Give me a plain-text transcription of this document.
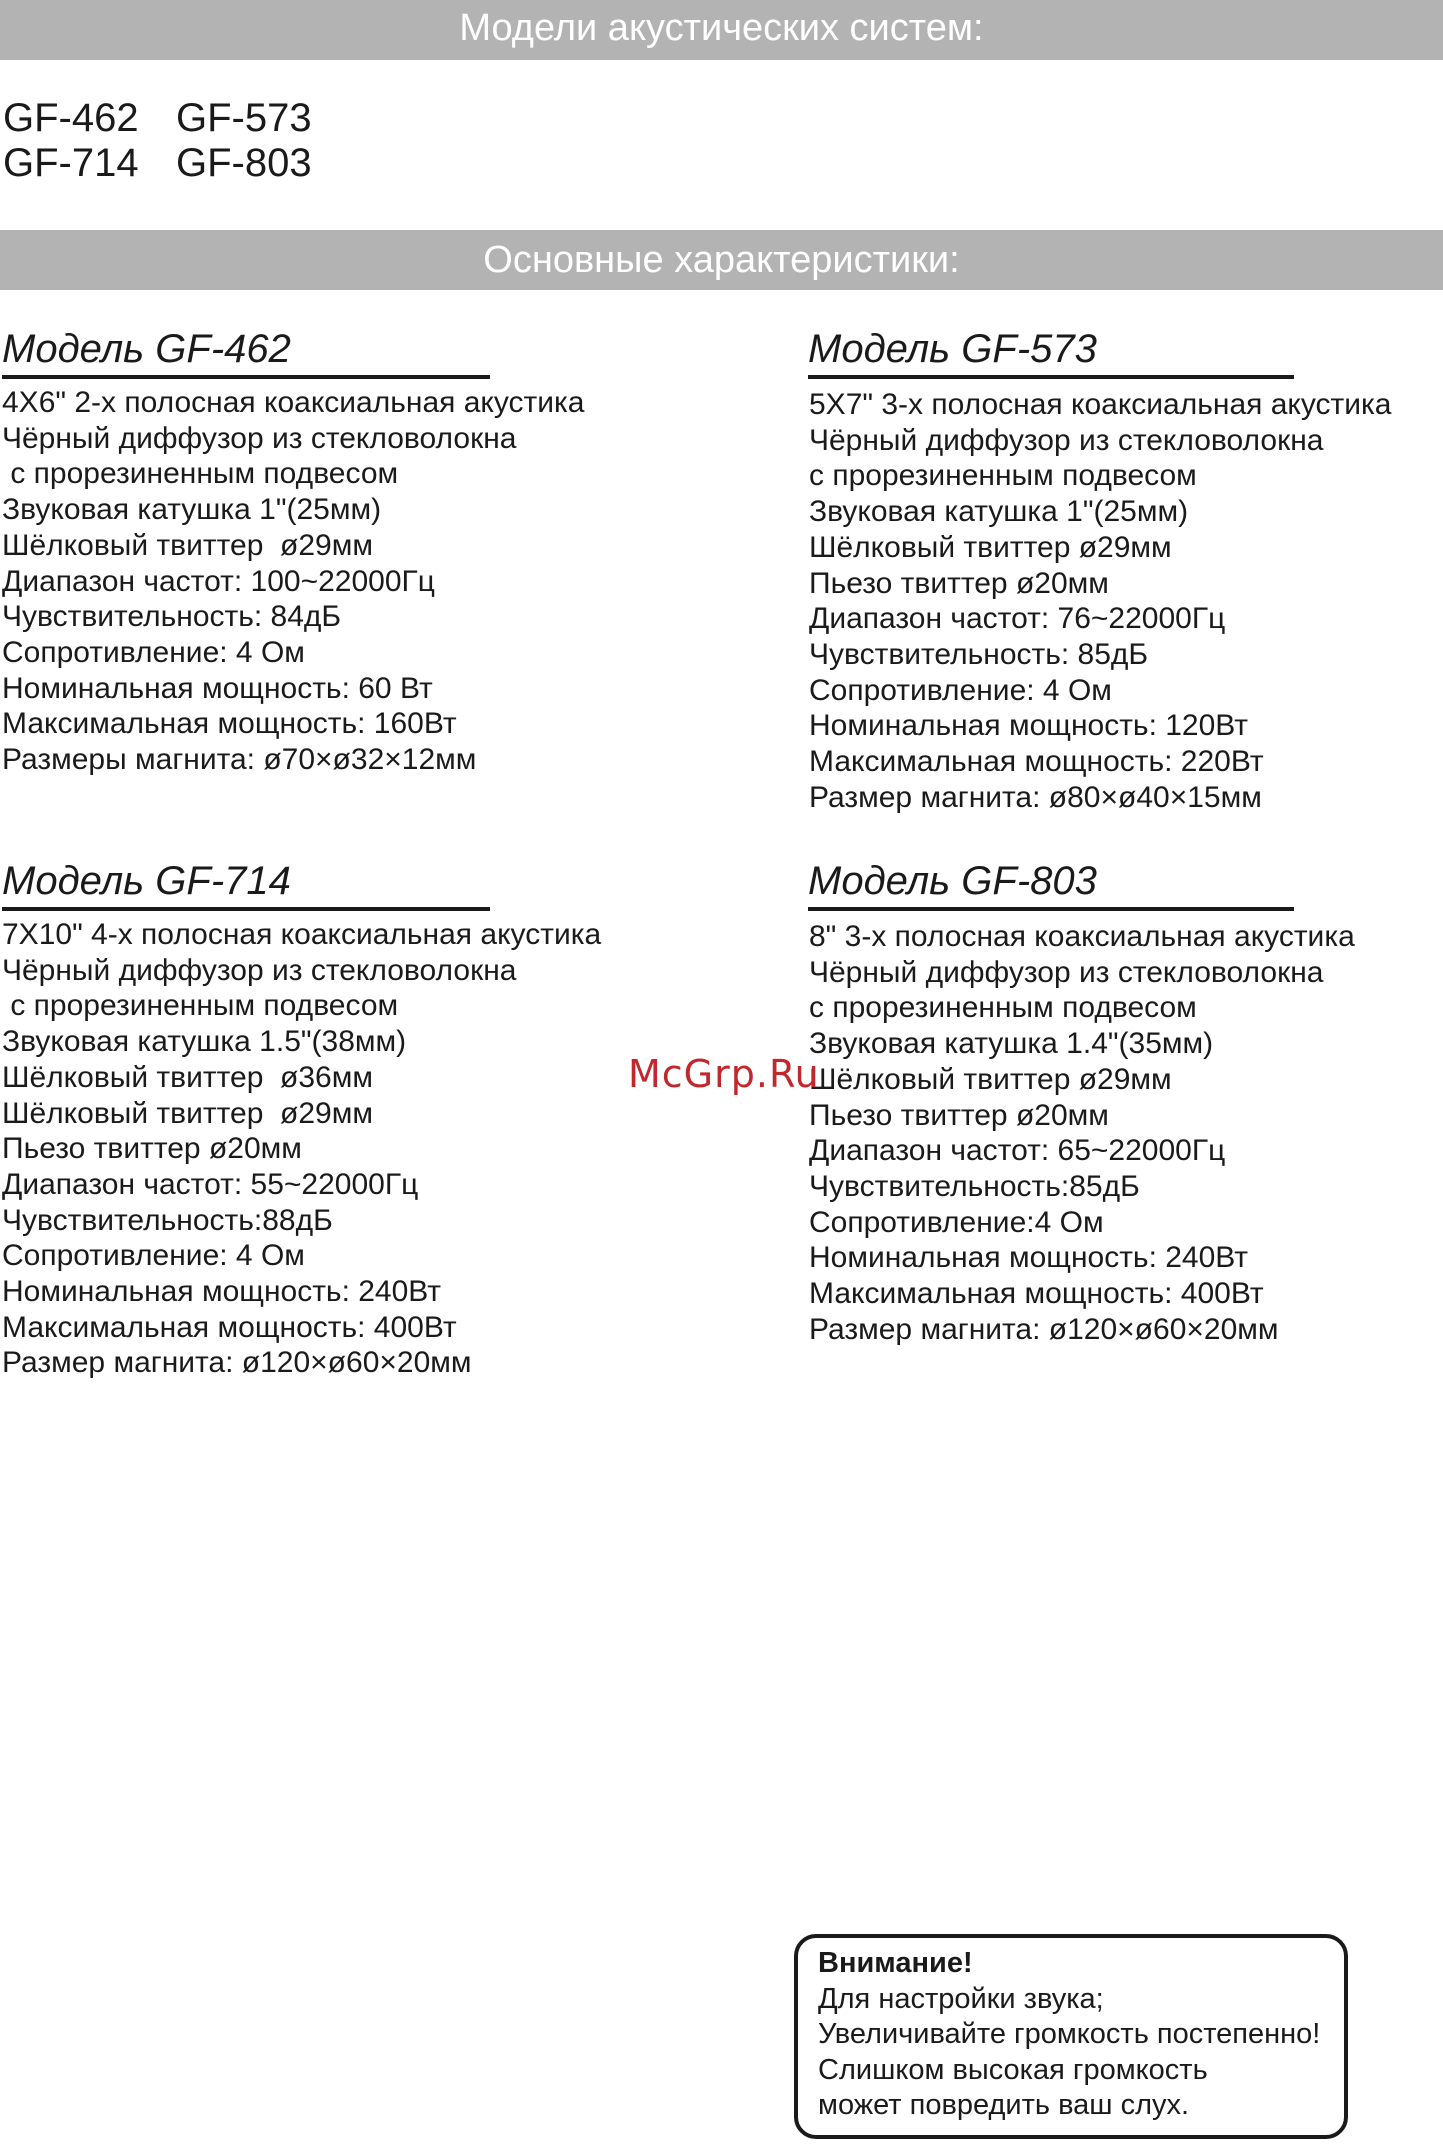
Модели акустических систем:
GF-462 GF-573
GF-714 GF-803
Основные характеристики:
Модель GF-462
4X6" 2-х полосная коаксиальная акустика
Чёрный диффузор из стекловолокна
с прорезиненным подвесом
Звуковая катушка 1"(25мм)
Шёлковый твиттер  ø29мм
Диапазон частот: 100~22000Гц
Чувствительность: 84дБ
Сопротивление: 4 Ом
Номинальная мощность: 60 Вт
Максимальная мощность: 160Вт
Размеры магнита: ø70×ø32×12мм
Модель GF-573
5X7" 3-х полосная коаксиальная акустика
Чёрный диффузор из стекловолокна
с прорезиненным подвесом
Звуковая катушка 1"(25мм)
Шёлковый твиттер ø29мм
Пьезо твиттер ø20мм
Диапазон частот: 76~22000Гц
Чувствительность: 85дБ
Сопротивление: 4 Ом
Номинальная мощность: 120Вт
Максимальная мощность: 220Вт
Размер магнита: ø80×ø40×15мм
Модель GF-714
7X10" 4-х полосная коаксиальная акустика
Чёрный диффузор из стекловолокна
с прорезиненным подвесом
Звуковая катушка 1.5"(38мм)
Шёлковый твиттер  ø36мм
Шёлковый твиттер  ø29мм
Пьезо твиттер ø20мм
Диапазон частот: 55~22000Гц
Чувствительность:88дБ
Сопротивление: 4 Ом
Номинальная мощность: 240Вт
Максимальная мощность: 400Вт
Размер магнита: ø120×ø60×20мм
Модель GF-803
8" 3-х полосная коаксиальная акустика
Чёрный диффузор из стекловолокна
с прорезиненным подвесом
Звуковая катушка 1.4"(35мм)
Шёлковый твиттер ø29мм
Пьезо твиттер ø20мм
Диапазон частот: 65~22000Гц
Чувствительность:85дБ
Сопротивление:4 Ом
Номинальная мощность: 240Вт
Максимальная мощность: 400Вт
Размер магнита: ø120×ø60×20мм
McGrp.Ru
Внимание!
Для настройки звука;
Увеличивайте громкость постепенно!
Слишком высокая громкость
может повредить ваш слух.
